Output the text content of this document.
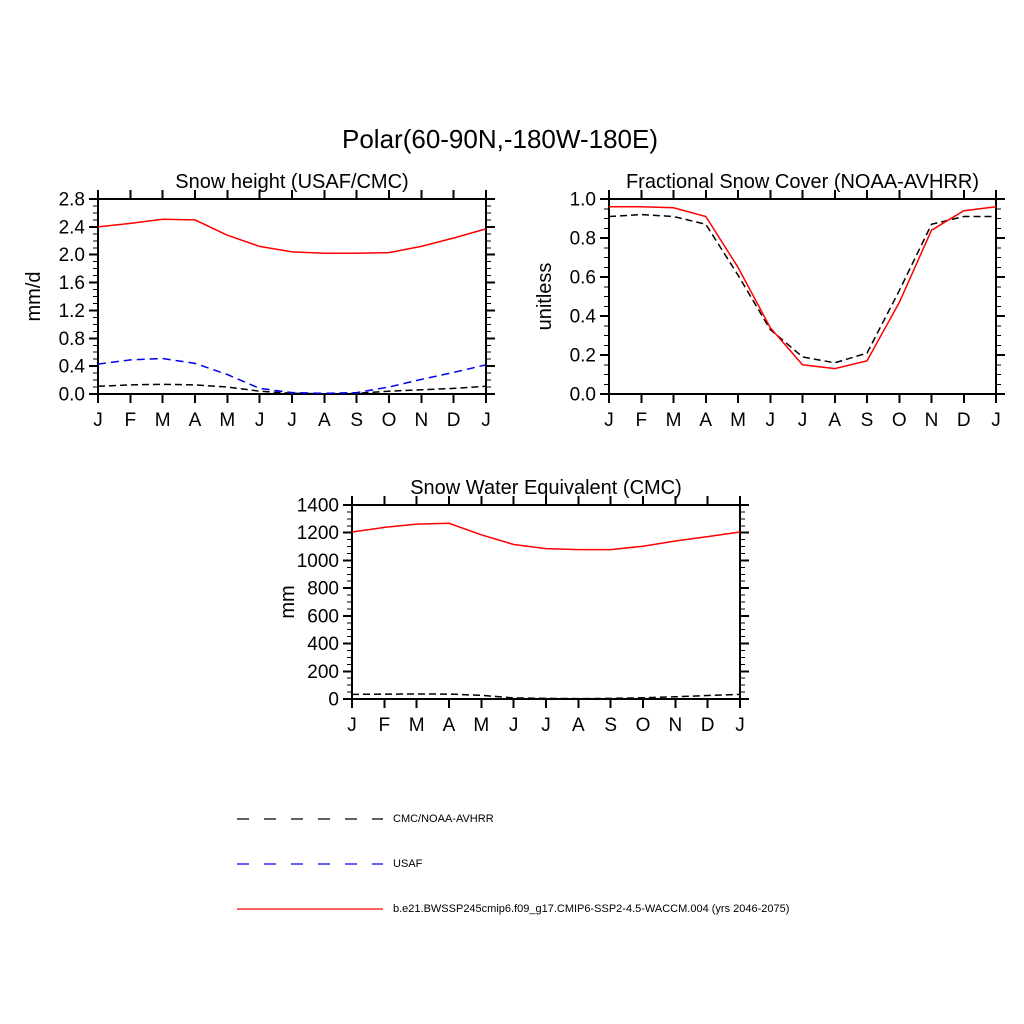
Polar(60-90N,-180W-180E)
0.0
0.4
0.8
1.2
1.6
2.0
2.4
2.8
J F M A M J J A S O N D J
Snow height (USAF/CMC)
mm/d
0.0
0.2
0.4
0.6
0.8
1.0
J F M A M J J A S O N D J
Fractional Snow Cover (NOAA-AVHRR)
unitless
0
200
400
600
800
1000
1200
1400
J F M A M J J A S O N D J
Snow Water Equivalent (CMC)
mm
CMC/NOAA-AVHRR
USAF
b.e21.BWSSP245cmip6.f09_g17.CMIP6-SSP2-4.5-WACCM.004 (yrs 2046-2075)
